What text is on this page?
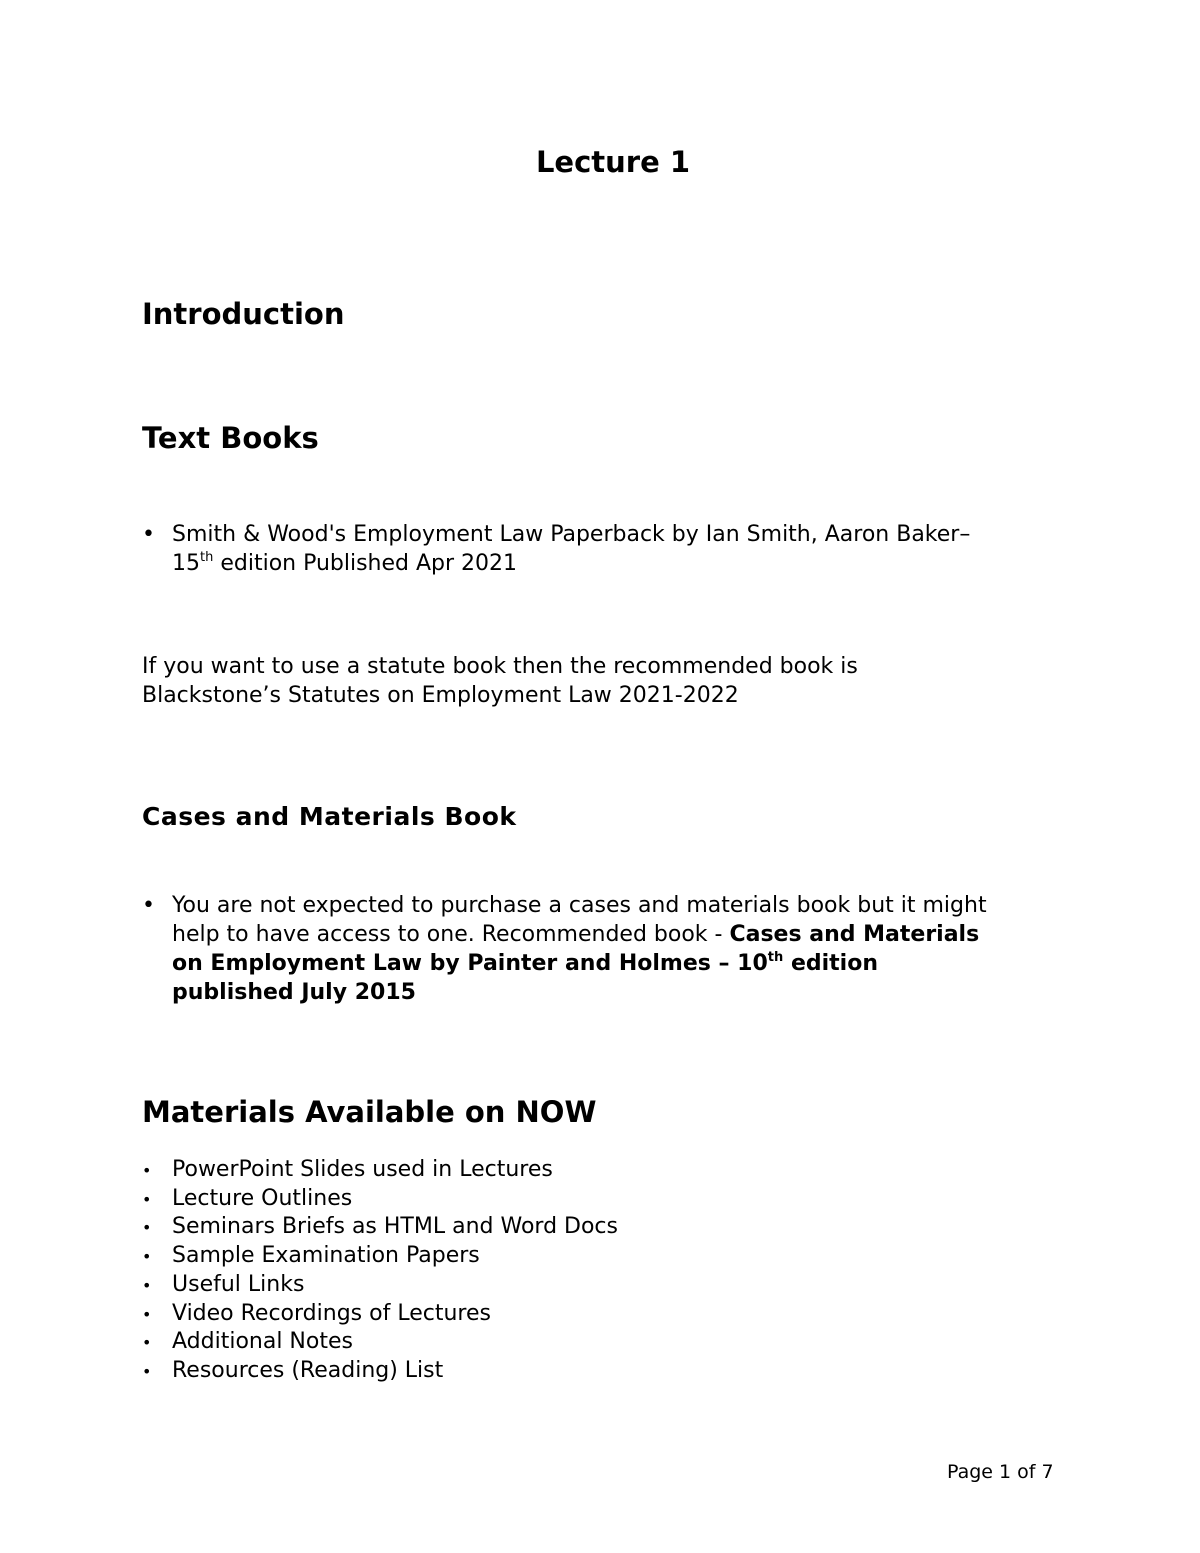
Lecture 1
Introduction
Text Books
• Smith & Wood's Employment Law Paperback by Ian Smith, Aaron Baker–
15th edition Published Apr 2021
If you want to use a statute book then the recommended book is
Blackstone’s Statutes on Employment Law 2021-2022
Cases and Materials Book
• You are not expected to purchase a cases and materials book but it might
help to have access to one. Recommended book - Cases and Materials
on Employment Law by Painter and Holmes – 10th edition
published July 2015
Materials Available on NOW
• PowerPoint Slides used in Lectures
• Lecture Outlines
• Seminars Briefs as HTML and Word Docs
• Sample Examination Papers
• Useful Links
• Video Recordings of Lectures
• Additional Notes
• Resources (Reading) List
Page 1 of 7
